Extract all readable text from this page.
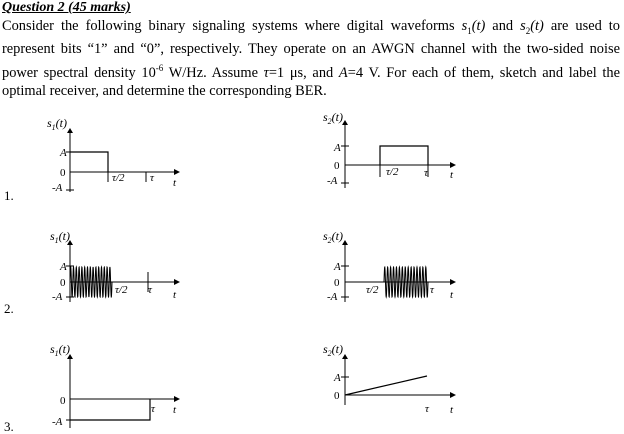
Question 2 (45 marks)
Consider the following binary signaling systems where digital waveforms $s_1(t)$ and $s_2(t)$ are used to represent bits “1” and “0”, respectively. They operate on an AWGN channel with the two-sided noise power spectral density $10^{-6}$ W/Hz. Assume τ=1 μs, and A=4 V. For each of them, sketch and label the optimal receiver, and determine the corresponding BER.
$s_1(t)$
A
0
-A
τ/2 τ t
$s_2(t)$
A
0
-A
τ/2 τ t
1.
$s_1(t)$
A
0
-A
τ/2 τ t
$s_2(t)$
A
0
-A
τ/2	τ t
2.
$s_1(t)$
0
-A
τ t
$s_2(t)$
A
0
τ t
3.
